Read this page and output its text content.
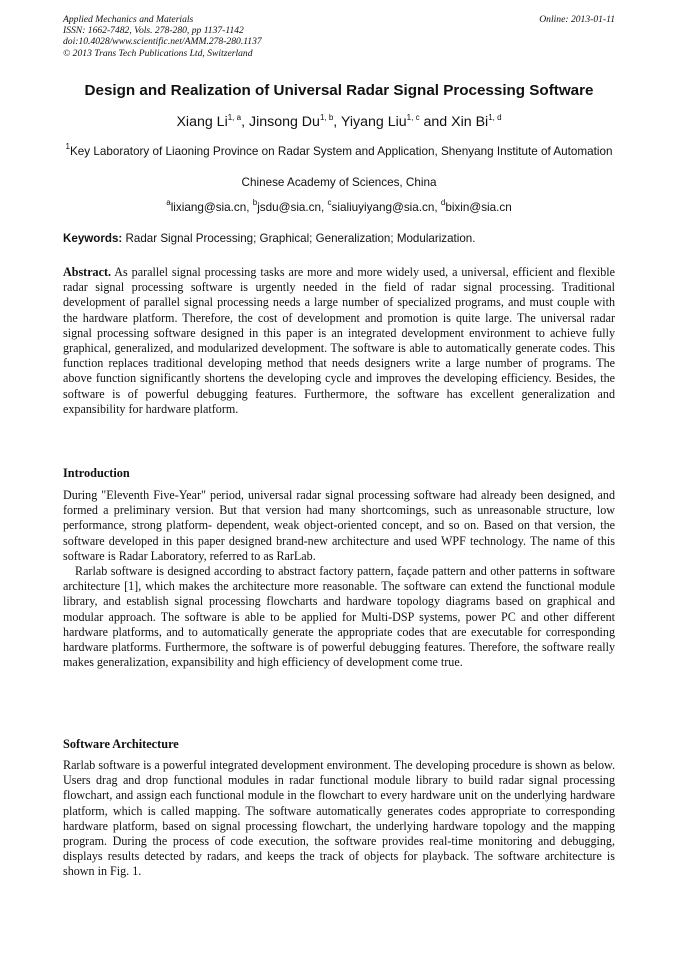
Applied Mechanics and Materials
ISSN: 1662-7482, Vols. 278-280, pp 1137-1142
doi:10.4028/www.scientific.net/AMM.278-280.1137
© 2013 Trans Tech Publications Ltd, Switzerland
Online: 2013-01-11
Design and Realization of Universal Radar Signal Processing Software
Xiang Li$^{1, a}$, Jinsong Du$^{1, b}$, Yiyang Liu$^{1, c}$ and Xin Bi$^{1, d}$
$^1$Key Laboratory of Liaoning Province on Radar System and Application, Shenyang Institute of Automation
Chinese Academy of Sciences, China
$^a$lixiang@sia.cn, $^b$jsdu@sia.cn, $^c$sialiuyiyang@sia.cn, $^d$bixin@sia.cn
Keywords: Radar Signal Processing; Graphical; Generalization; Modularization.

Abstract. As parallel signal processing tasks are more and more widely used, a universal, efficient and flexible radar signal processing software is urgently needed in the field of radar signal processing. Traditional development of parallel signal processing needs a large number of specialized programs, and must couple with the hardware platform. Therefore, the cost of development and promotion is quite large. The universal radar signal processing software designed in this paper is an integrated development environment to achieve fully graphical, generalized, and modularized development. The software is able to automatically generate codes. This function replaces traditional developing method that needs designers write a large number of programs. The above function significantly shortens the developing cycle and improves the developing efficiency. Besides, the software is of powerful debugging features. Furthermore, the software has excellent generalization and expansibility for hardware platform.

Introduction

During "Eleventh Five-Year" period, universal radar signal processing software had already been designed, and formed a preliminary version. But that version had many shortcomings, such as unreasonable structure, low performance, strong platform- dependent, weak object-oriented concept, and so on. Based on that version, the software developed in this paper designed brand-new architecture and used WPF technology. The name of this software is Radar Laboratory, referred to as RarLab.

Rarlab software is designed according to abstract factory pattern, façade pattern and other patterns in software architecture [1], which makes the architecture more reasonable. The software can extend the functional module library, and establish signal processing flowcharts and hardware topology diagrams based on graphical and modular approach. The software is able to be applied for Multi-DSP systems, power PC and other different hardware platforms, and to automatically generate the appropriate codes that are executable for corresponding hardware platforms. Furthermore, the software is of powerful debugging features. Therefore, the software really makes generalization, expansibility and high efficiency of development come true.

Software Architecture

Rarlab software is a powerful integrated development environment. The developing procedure is shown as below. Users drag and drop functional modules in radar functional module library to build radar signal processing flowchart, and assign each functional module in the flowchart to every hardware unit on the underlying hardware platform, which is called mapping. The software automatically generates codes appropriate to corresponding hardware platform, based on signal processing flowchart, the underlying hardware topology and the mapping program. During the process of code execution, the software provides real-time monitoring and debugging, displays results detected by radars, and keeps the track of objects for playback. The software architecture is shown in Fig. 1.
